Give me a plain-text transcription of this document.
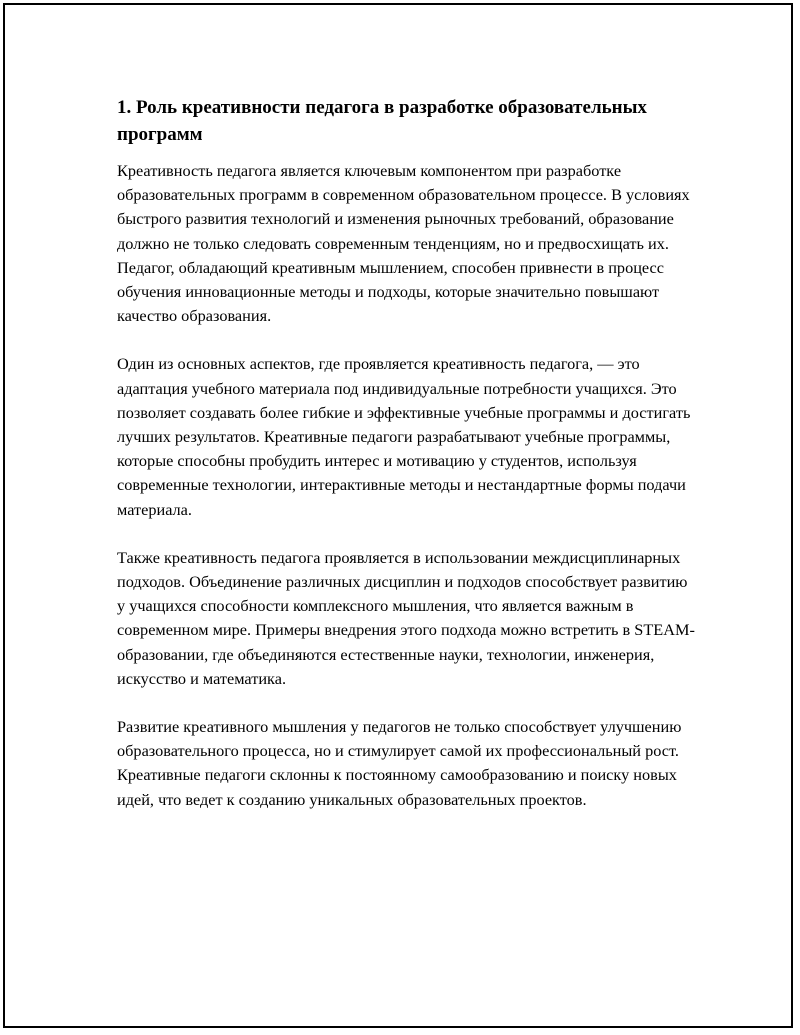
1. Роль креативности педагога в разработке образовательных программ

Креативность педагога является ключевым компонентом при разработке образовательных программ в современном образовательном процессе. В условиях быстрого развития технологий и изменения рыночных требований, образование должно не только следовать современным тенденциям, но и предвосхищать их. Педагог, обладающий креативным мышлением, способен привнести в процесс обучения инновационные методы и подходы, которые значительно повышают качество образования.

Один из основных аспектов, где проявляется креативность педагога, — это адаптация учебного материала под индивидуальные потребности учащихся. Это позволяет создавать более гибкие и эффективные учебные программы и достигать лучших результатов. Креативные педагоги разрабатывают учебные программы, которые способны пробудить интерес и мотивацию у студентов, используя современные технологии, интерактивные методы и нестандартные формы подачи материала.

Также креативность педагога проявляется в использовании междисциплинарных подходов. Объединение различных дисциплин и подходов способствует развитию у учащихся способности комплексного мышления, что является важным в современном мире. Примеры внедрения этого подхода можно встретить в STEAM-образовании, где объединяются естественные науки, технологии, инженерия, искусство и математика.

Развитие креативного мышления у педагогов не только способствует улучшению образовательного процесса, но и стимулирует самой их профессиональный рост. Креативные педагоги склонны к постоянному самообразованию и поиску новых идей, что ведет к созданию уникальных образовательных проектов.
